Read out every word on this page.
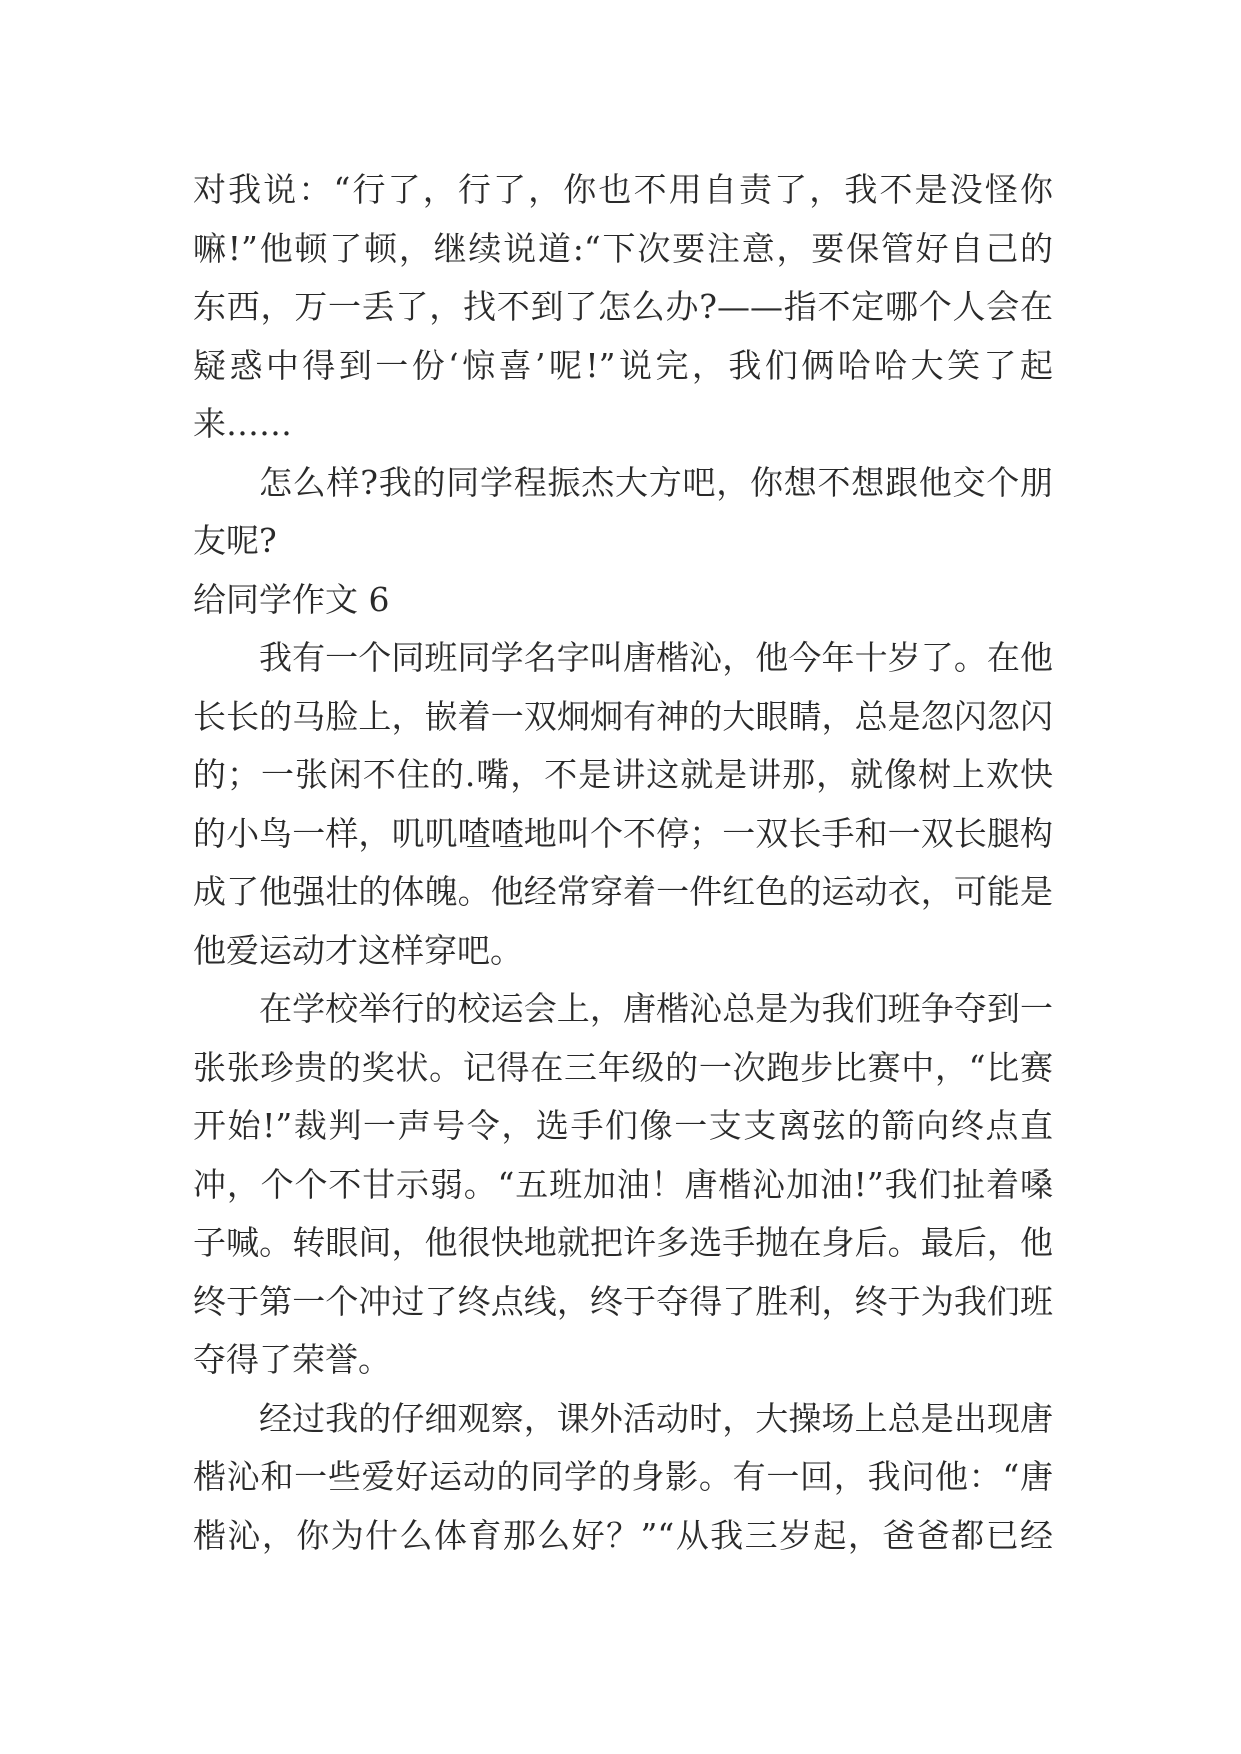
对我说：“行了，行了，你也不用自责了，我不是没怪你
嘛!”他顿了顿，继续说道:“下次要注意，要保管好自己的
东西，万一丢了，找不到了怎么办?——指不定哪个人会在
疑惑中得到一份‘惊喜’呢!”说完，我们俩哈哈大笑了起
来……
怎么样?我的同学程振杰大方吧，你想不想跟他交个朋
友呢?
给同学作文 6
我有一个同班同学名字叫唐楷沁，他今年十岁了。在他
长长的马脸上，嵌着一双炯炯有神的大眼睛，总是忽闪忽闪
的；一张闲不住的.嘴，不是讲这就是讲那，就像树上欢快
的小鸟一样，叽叽喳喳地叫个不停；一双长手和一双长腿构
成了他强壮的体魄。他经常穿着一件红色的运动衣，可能是
他爱运动才这样穿吧。
在学校举行的校运会上，唐楷沁总是为我们班争夺到一
张张珍贵的奖状。记得在三年级的一次跑步比赛中，“比赛
开始!”裁判一声号令，选手们像一支支离弦的箭向终点直
冲，个个不甘示弱。“五班加油！唐楷沁加油!”我们扯着嗓
子喊。转眼间，他很快地就把许多选手抛在身后。最后，他
终于第一个冲过了终点线，终于夺得了胜利，终于为我们班
夺得了荣誉。
经过我的仔细观察，课外活动时，大操场上总是出现唐
楷沁和一些爱好运动的同学的身影。有一回，我问他：“唐
楷沁，你为什么体育那么好？”“从我三岁起，爸爸都已经
